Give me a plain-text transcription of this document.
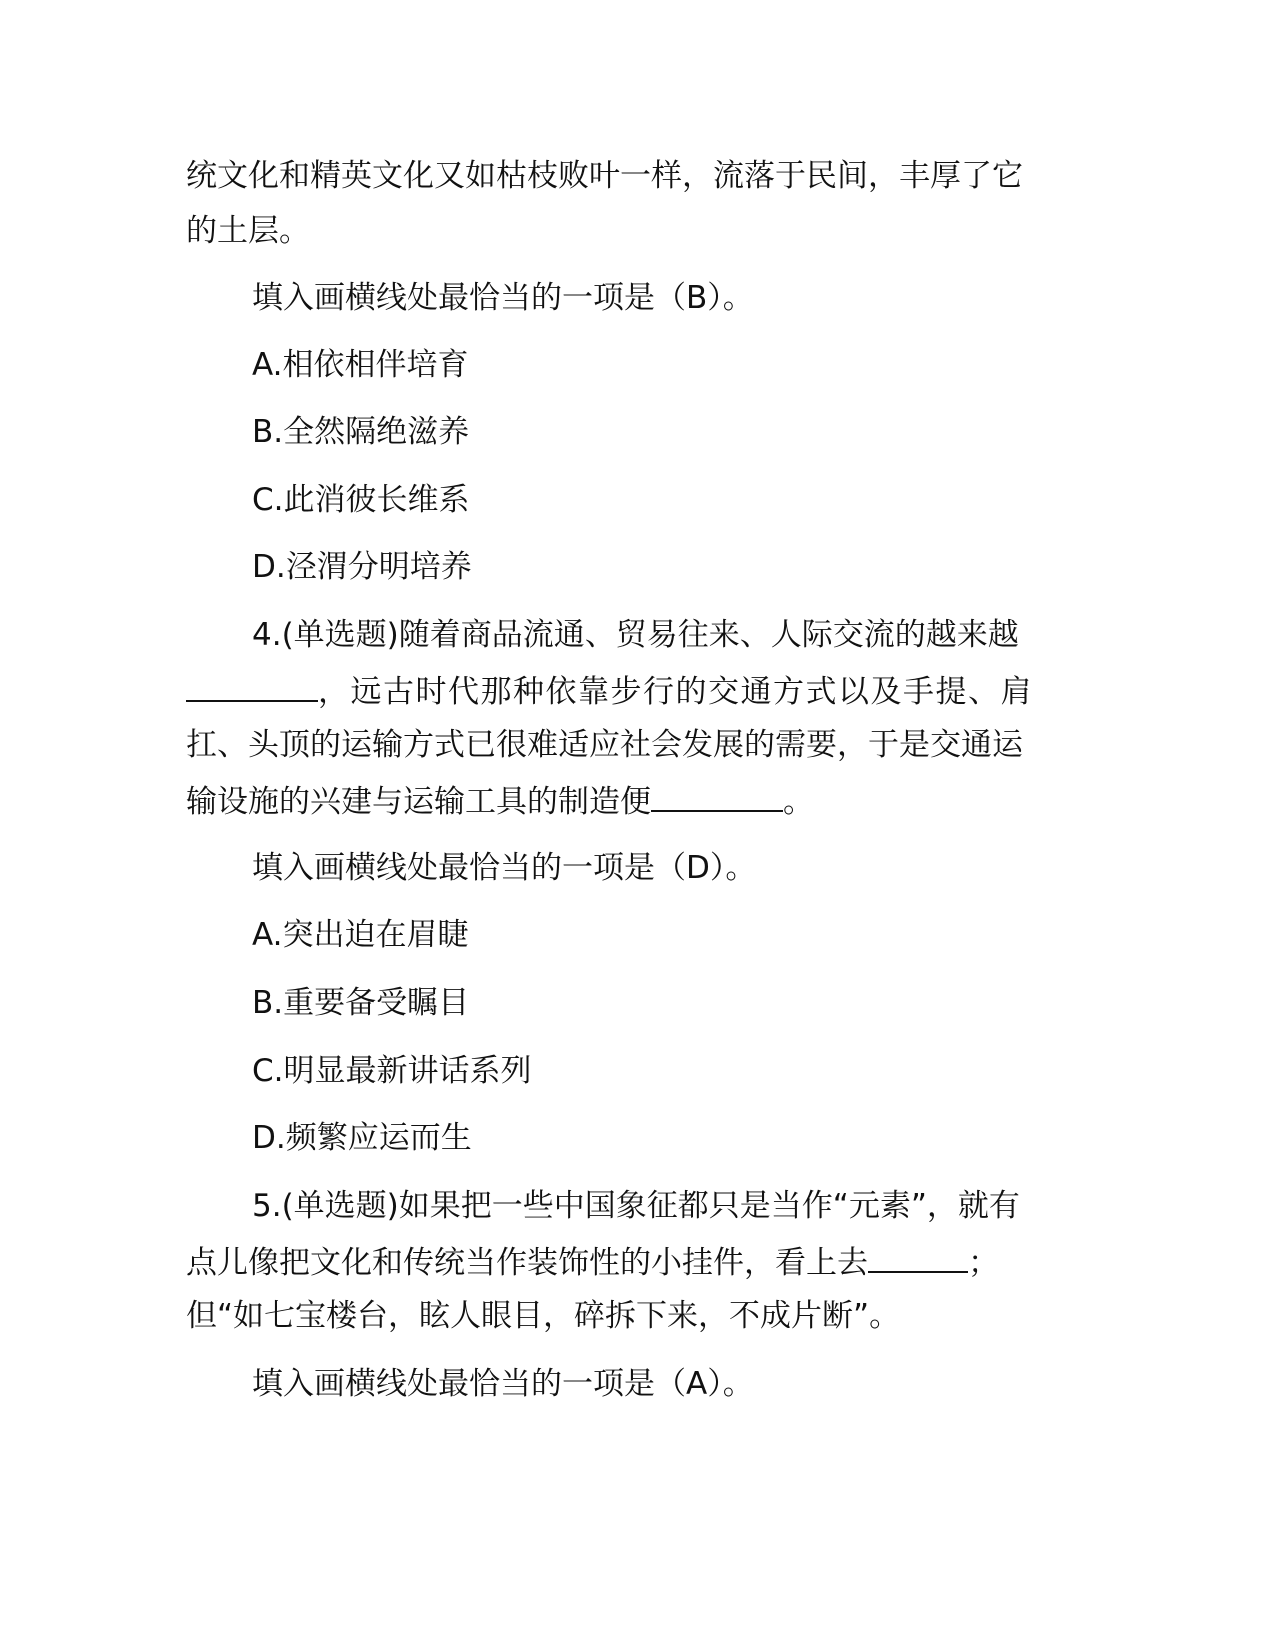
统文化和精英文化又如枯枝败叶一样，流落于民间，丰厚了它
的土层。
填入画横线处最恰当的一项是（B）。
A.相依相伴培育
B.全然隔绝滋养
C.此消彼长维系
D.泾渭分明培养
4.(单选题)随着商品流通、贸易往来、人际交流的越来越
，远古时代那种依靠步行的交通方式以及手提、肩
扛、头顶的运输方式已很难适应社会发展的需要，于是交通运
输设施的兴建与运输工具的制造便	。
填入画横线处最恰当的一项是（D）。
A.突出迫在眉睫
B.重要备受瞩目
C.明显最新讲话系列
D.频繁应运而生
5.(单选题)如果把一些中国象征都只是当作“元素”，就有
点儿像把文化和传统当作装饰性的小挂件，看上去	；
但“如七宝楼台，眩人眼目，碎拆下来，不成片断”。
填入画横线处最恰当的一项是（A）。
